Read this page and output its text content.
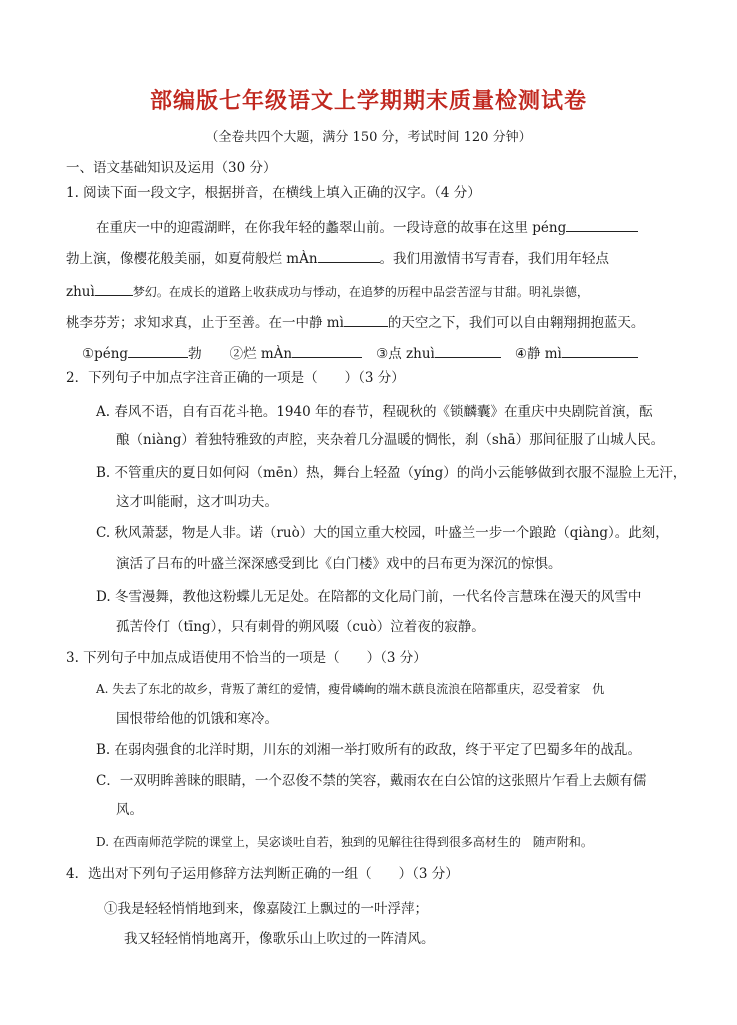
部编版七年级语文上学期期末质量检测试卷
（全卷共四个大题，满分 150 分，考试时间 120 分钟）
一、语文基础知识及运用（30 分）
1. 阅读下面一段文字，根据拼音，在横线上填入正确的汉字。（4 分）
在重庆一中的迎霞湖畔，在你我年轻的蠡翠山前。一段诗意的故事在这里 péng
勃上演，像樱花般美丽，如夏荷般烂 mÀn	。我们用激情书写青春，我们用年轻点
zhuì	梦幻。在成长的道路上收获成功与悸动，在追梦的历程中品尝苦涩与甘甜。明礼崇德，
桃李芬芳；求知求真，止于至善。在一中静 mì	的天空之下，我们可以自由翱翔拥抱蓝天。
①péng	勃 ②烂 mÀn	③点 zhuì	④静 mì
2．下列句子中加点字注音正确的一项是（　　）（3 分）
A. 春风不语，自有百花斗艳。1940 年的春节，程砚秋的《锁麟囊》在重庆中央剧院首演，酝
酿（niàng）着独特雅致的声腔，夹杂着几分温暖的惆怅，刹（shā）那间征服了山城人民。
B. 不管重庆的夏日如何闷（mēn）热，舞台上轻盈（yíng）的尚小云能够做到衣服不湿脸上无汗，
这才叫能耐，这才叫功夫。
C. 秋风萧瑟，物是人非。诺（ruò）大的国立重大校园，叶盛兰一步一个踉跄（qiàng）。此刻，
演活了吕布的叶盛兰深深感受到比《白门楼》戏中的吕布更为深沉的惊惧。
D. 冬雪漫舞，教他这粉蝶儿无足处。在陪都的文化局门前，一代名伶言慧珠在漫天的风雪中
孤苦伶仃（tīng），只有刺骨的朔风啜（cuò）泣着夜的寂静。
3. 下列句子中加点成语使用不恰当的一项是（　　）（3 分）
A. 失去了东北的故乡，背叛了萧红的爱情，瘦骨嶙峋的端木蕻良流浪在陪都重庆，忍受着家　仇
国恨带给他的饥饿和寒冷。
B. 在弱肉强食的北洋时期，川东的刘湘一举打败所有的政敌，终于平定了巴蜀多年的战乱。
C．一双明眸善睐的眼睛，一个忍俊不禁的笑容，戴雨农在白公馆的这张照片乍看上去颇有儒
风。
D. 在西南师范学院的课堂上，吴宓谈吐自若，独到的见解往往得到很多高材生的　随声附和。
4．选出对下列句子运用修辞方法判断正确的一组（　　）（3 分）
①我是轻轻悄悄地到来，像嘉陵江上飘过的一叶浮萍；
我又轻轻悄悄地离开，像歌乐山上吹过的一阵清风。
